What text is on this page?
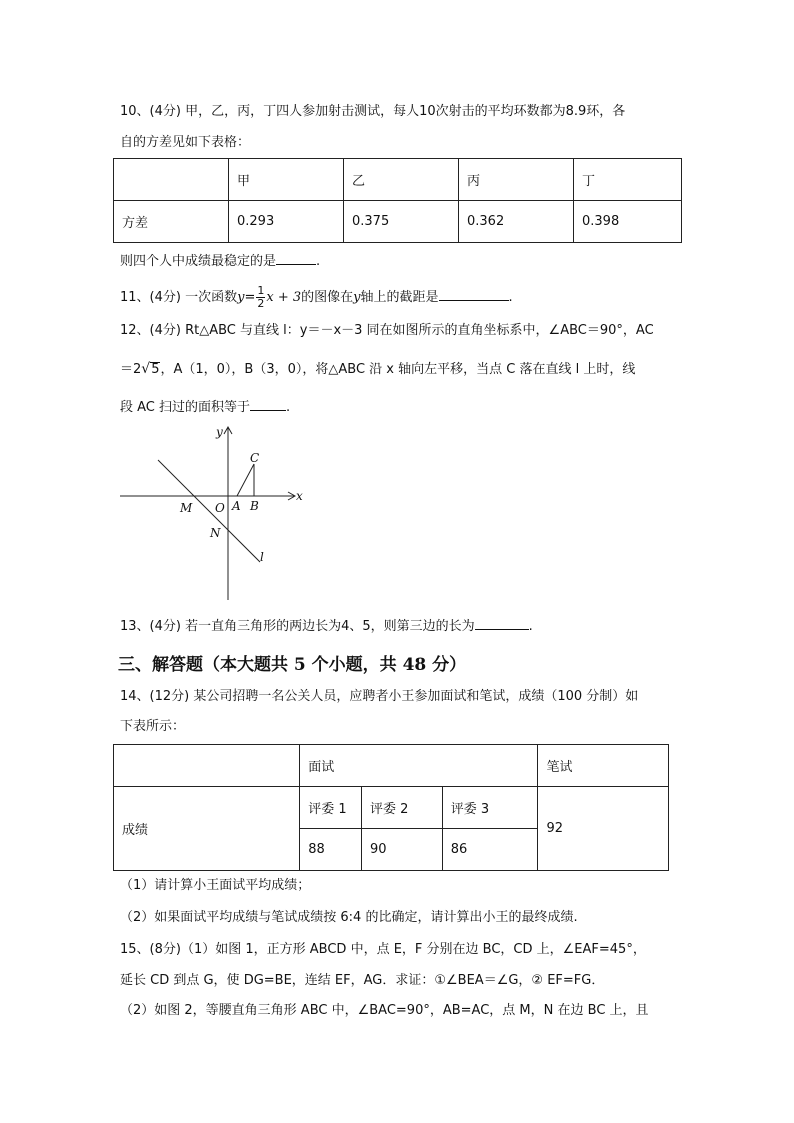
10、(4分) 甲，乙，丙，丁四人参加射击测试，每人10次射击的平均环数都为8.9环，各
自的方差见如下表格：
	甲	乙	丙	丁
方差	0.293	0.375	0.362	0.398
则四个人中成绩最稳定的是	.
11、(4分) 一次函数$y= \frac{1}{2}$ x + 3的图像在y轴上的截距是	.
12、(4分) Rt△ABC 与直线 l：y＝－x－3 同在如图所示的直角坐标系中，∠ABC＝90°，AC
＝2√5，A（1，0），B（3，0），将△ABC 沿 x 轴向左平移，当点 C 落在直线 l 上时，线
段 AC 扫过的面积等于	.
y
x
C
M O A B
N
l
13、(4分) 若一直角三角形的两边长为4、5，则第三边的长为	.
三、解答题（本大题共 5 个小题，共 48 分）
14、(12分) 某公司招聘一名公关人员，应聘者小王参加面试和笔试，成绩（100 分制）如
下表所示：
	面试			笔试
成绩	评委 1	评委 2	评委 3	92
	88	90	86	
（1）请计算小王面试平均成绩；
（2）如果面试平均成绩与笔试成绩按 6:4 的比确定，请计算出小王的最终成绩.
15、(8分)（1）如图 1，正方形 ABCD 中，点 E，F 分别在边 BC，CD 上，∠EAF=45°，
延长 CD 到点 G，使 DG=BE，连结 EF，AG．求证：①∠BEA＝∠G，② EF=FG．
（2）如图 2，等腰直角三角形 ABC 中，∠BAC=90°，AB=AC，点 M，N 在边 BC 上，且
